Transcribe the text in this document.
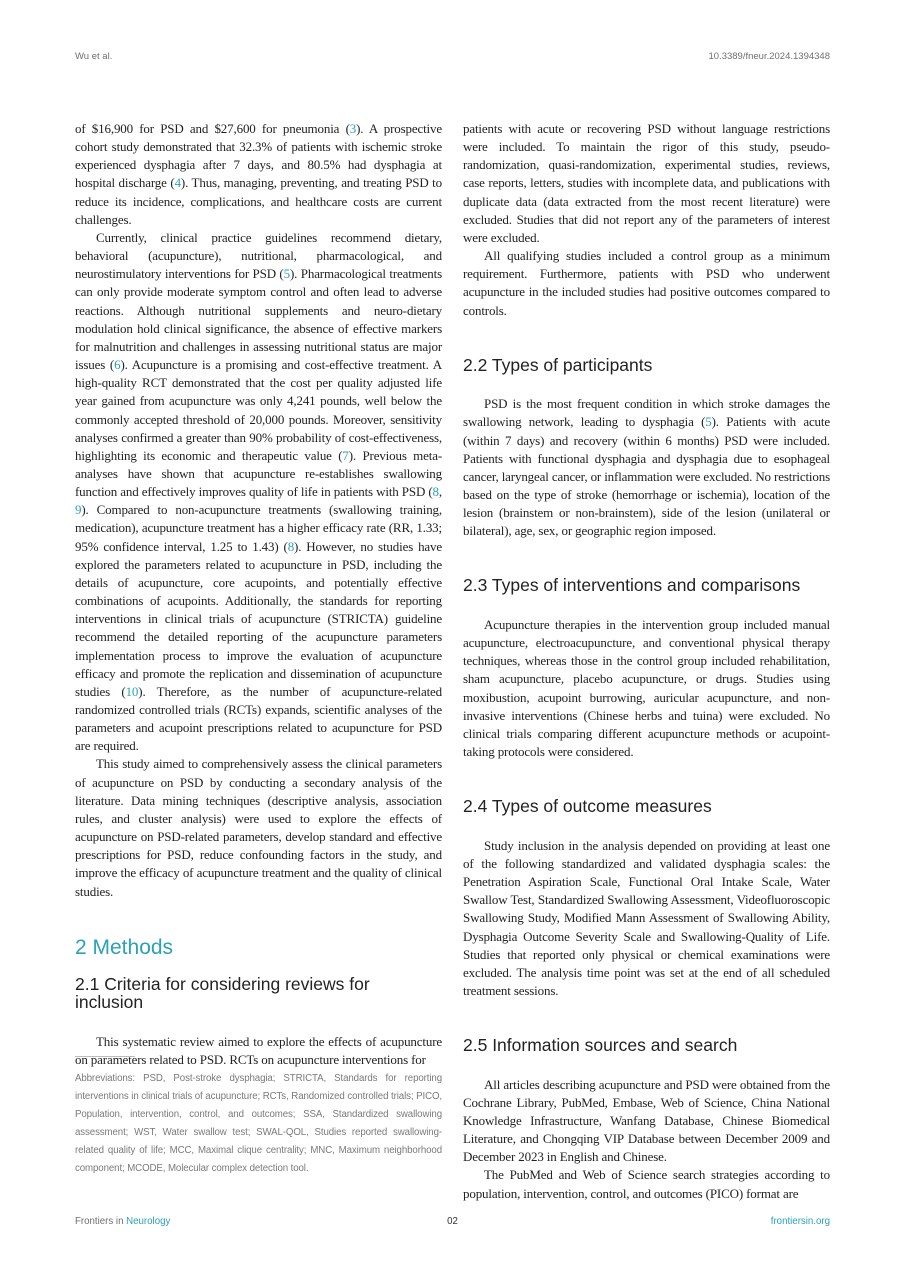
Wu et al.	10.3389/fneur.2024.1394348

of $16,900 for PSD and $27,600 for pneumonia (3). A prospective cohort study demonstrated that 32.3% of patients with ischemic stroke experienced dysphagia after 7 days, and 80.5% had dysphagia at hospital discharge (4). Thus, managing, preventing, and treating PSD to reduce its incidence, complications, and healthcare costs are current challenges.

Currently, clinical practice guidelines recommend dietary, behavioral (acupuncture), nutritional, pharmacological, and neurostimulatory interventions for PSD (5). Pharmacological treatments can only provide moderate symptom control and often lead to adverse reactions. Although nutritional supplements and neuro-dietary modulation hold clinical significance, the absence of effective markers for malnutrition and challenges in assessing nutritional status are major issues (6). Acupuncture is a promising and cost-effective treatment. A high-quality RCT demonstrated that the cost per quality adjusted life year gained from acupuncture was only 4,241 pounds, well below the commonly accepted threshold of 20,000 pounds. Moreover, sensitivity analyses confirmed a greater than 90% probability of cost-effectiveness, highlighting its economic and therapeutic value (7). Previous meta-analyses have shown that acupuncture re-establishes swallowing function and effectively improves quality of life in patients with PSD (8, 9). Compared to non-acupuncture treatments (swallowing training, medication), acupuncture treatment has a higher efficacy rate (RR, 1.33; 95% confidence interval, 1.25 to 1.43) (8). However, no studies have explored the parameters related to acupuncture in PSD, including the details of acupuncture, core acupoints, and potentially effective combinations of acupoints. Additionally, the standards for reporting interventions in clinical trials of acupuncture (STRICTA) guideline recommend the detailed reporting of the acupuncture parameters implementation process to improve the evaluation of acupuncture efficacy and promote the replication and dissemination of acupuncture studies (10). Therefore, as the number of acupuncture-related randomized controlled trials (RCTs) expands, scientific analyses of the parameters and acupoint prescriptions related to acupuncture for PSD are required.

This study aimed to comprehensively assess the clinical parameters of acupuncture on PSD by conducting a secondary analysis of the literature. Data mining techniques (descriptive analysis, association rules, and cluster analysis) were used to explore the effects of acupuncture on PSD-related parameters, develop standard and effective prescriptions for PSD, reduce confounding factors in the study, and improve the efficacy of acupuncture treatment and the quality of clinical studies.

2 Methods
2.1 Criteria for considering reviews for inclusion

This systematic review aimed to explore the effects of acupuncture on parameters related to PSD. RCTs on acupuncture interventions for

Abbreviations: PSD, Post-stroke dysphagia; STRICTA, Standards for reporting interventions in clinical trials of acupuncture; RCTs, Randomized controlled trials; PICO, Population, intervention, control, and outcomes; SSA, Standardized swallowing assessment; WST, Water swallow test; SWAL-QOL, Studies reported swallowing-related quality of life; MCC, Maximal clique centrality; MNC, Maximum neighborhood component; MCODE, Molecular complex detection tool.

patients with acute or recovering PSD without language restrictions were included. To maintain the rigor of this study, pseudo-randomization, quasi-randomization, experimental studies, reviews, case reports, letters, studies with incomplete data, and publications with duplicate data (data extracted from the most recent literature) were excluded. Studies that did not report any of the parameters of interest were excluded.

All qualifying studies included a control group as a minimum requirement. Furthermore, patients with PSD who underwent acupuncture in the included studies had positive outcomes compared to controls.

2.2 Types of participants

PSD is the most frequent condition in which stroke damages the swallowing network, leading to dysphagia (5). Patients with acute (within 7 days) and recovery (within 6 months) PSD were included. Patients with functional dysphagia and dysphagia due to esophageal cancer, laryngeal cancer, or inflammation were excluded. No restrictions based on the type of stroke (hemorrhage or ischemia), location of the lesion (brainstem or non-brainstem), side of the lesion (unilateral or bilateral), age, sex, or geographic region imposed.

2.3 Types of interventions and comparisons

Acupuncture therapies in the intervention group included manual acupuncture, electroacupuncture, and conventional physical therapy techniques, whereas those in the control group included rehabilitation, sham acupuncture, placebo acupuncture, or drugs. Studies using moxibustion, acupoint burrowing, auricular acupuncture, and non-invasive interventions (Chinese herbs and tuina) were excluded. No clinical trials comparing different acupuncture methods or acupoint-taking protocols were considered.

2.4 Types of outcome measures

Study inclusion in the analysis depended on providing at least one of the following standardized and validated dysphagia scales: the Penetration Aspiration Scale, Functional Oral Intake Scale, Water Swallow Test, Standardized Swallowing Assessment, Videofluoroscopic Swallowing Study, Modified Mann Assessment of Swallowing Ability, Dysphagia Outcome Severity Scale and Swallowing-Quality of Life. Studies that reported only physical or chemical examinations were excluded. The analysis time point was set at the end of all scheduled treatment sessions.

2.5 Information sources and search

All articles describing acupuncture and PSD were obtained from the Cochrane Library, PubMed, Embase, Web of Science, China National Knowledge Infrastructure, Wanfang Database, Chinese Biomedical Literature, and Chongqing VIP Database between December 2009 and December 2023 in English and Chinese.

The PubMed and Web of Science search strategies according to population, intervention, control, and outcomes (PICO) format are

Frontiers in Neurology	02	frontiersin.org
